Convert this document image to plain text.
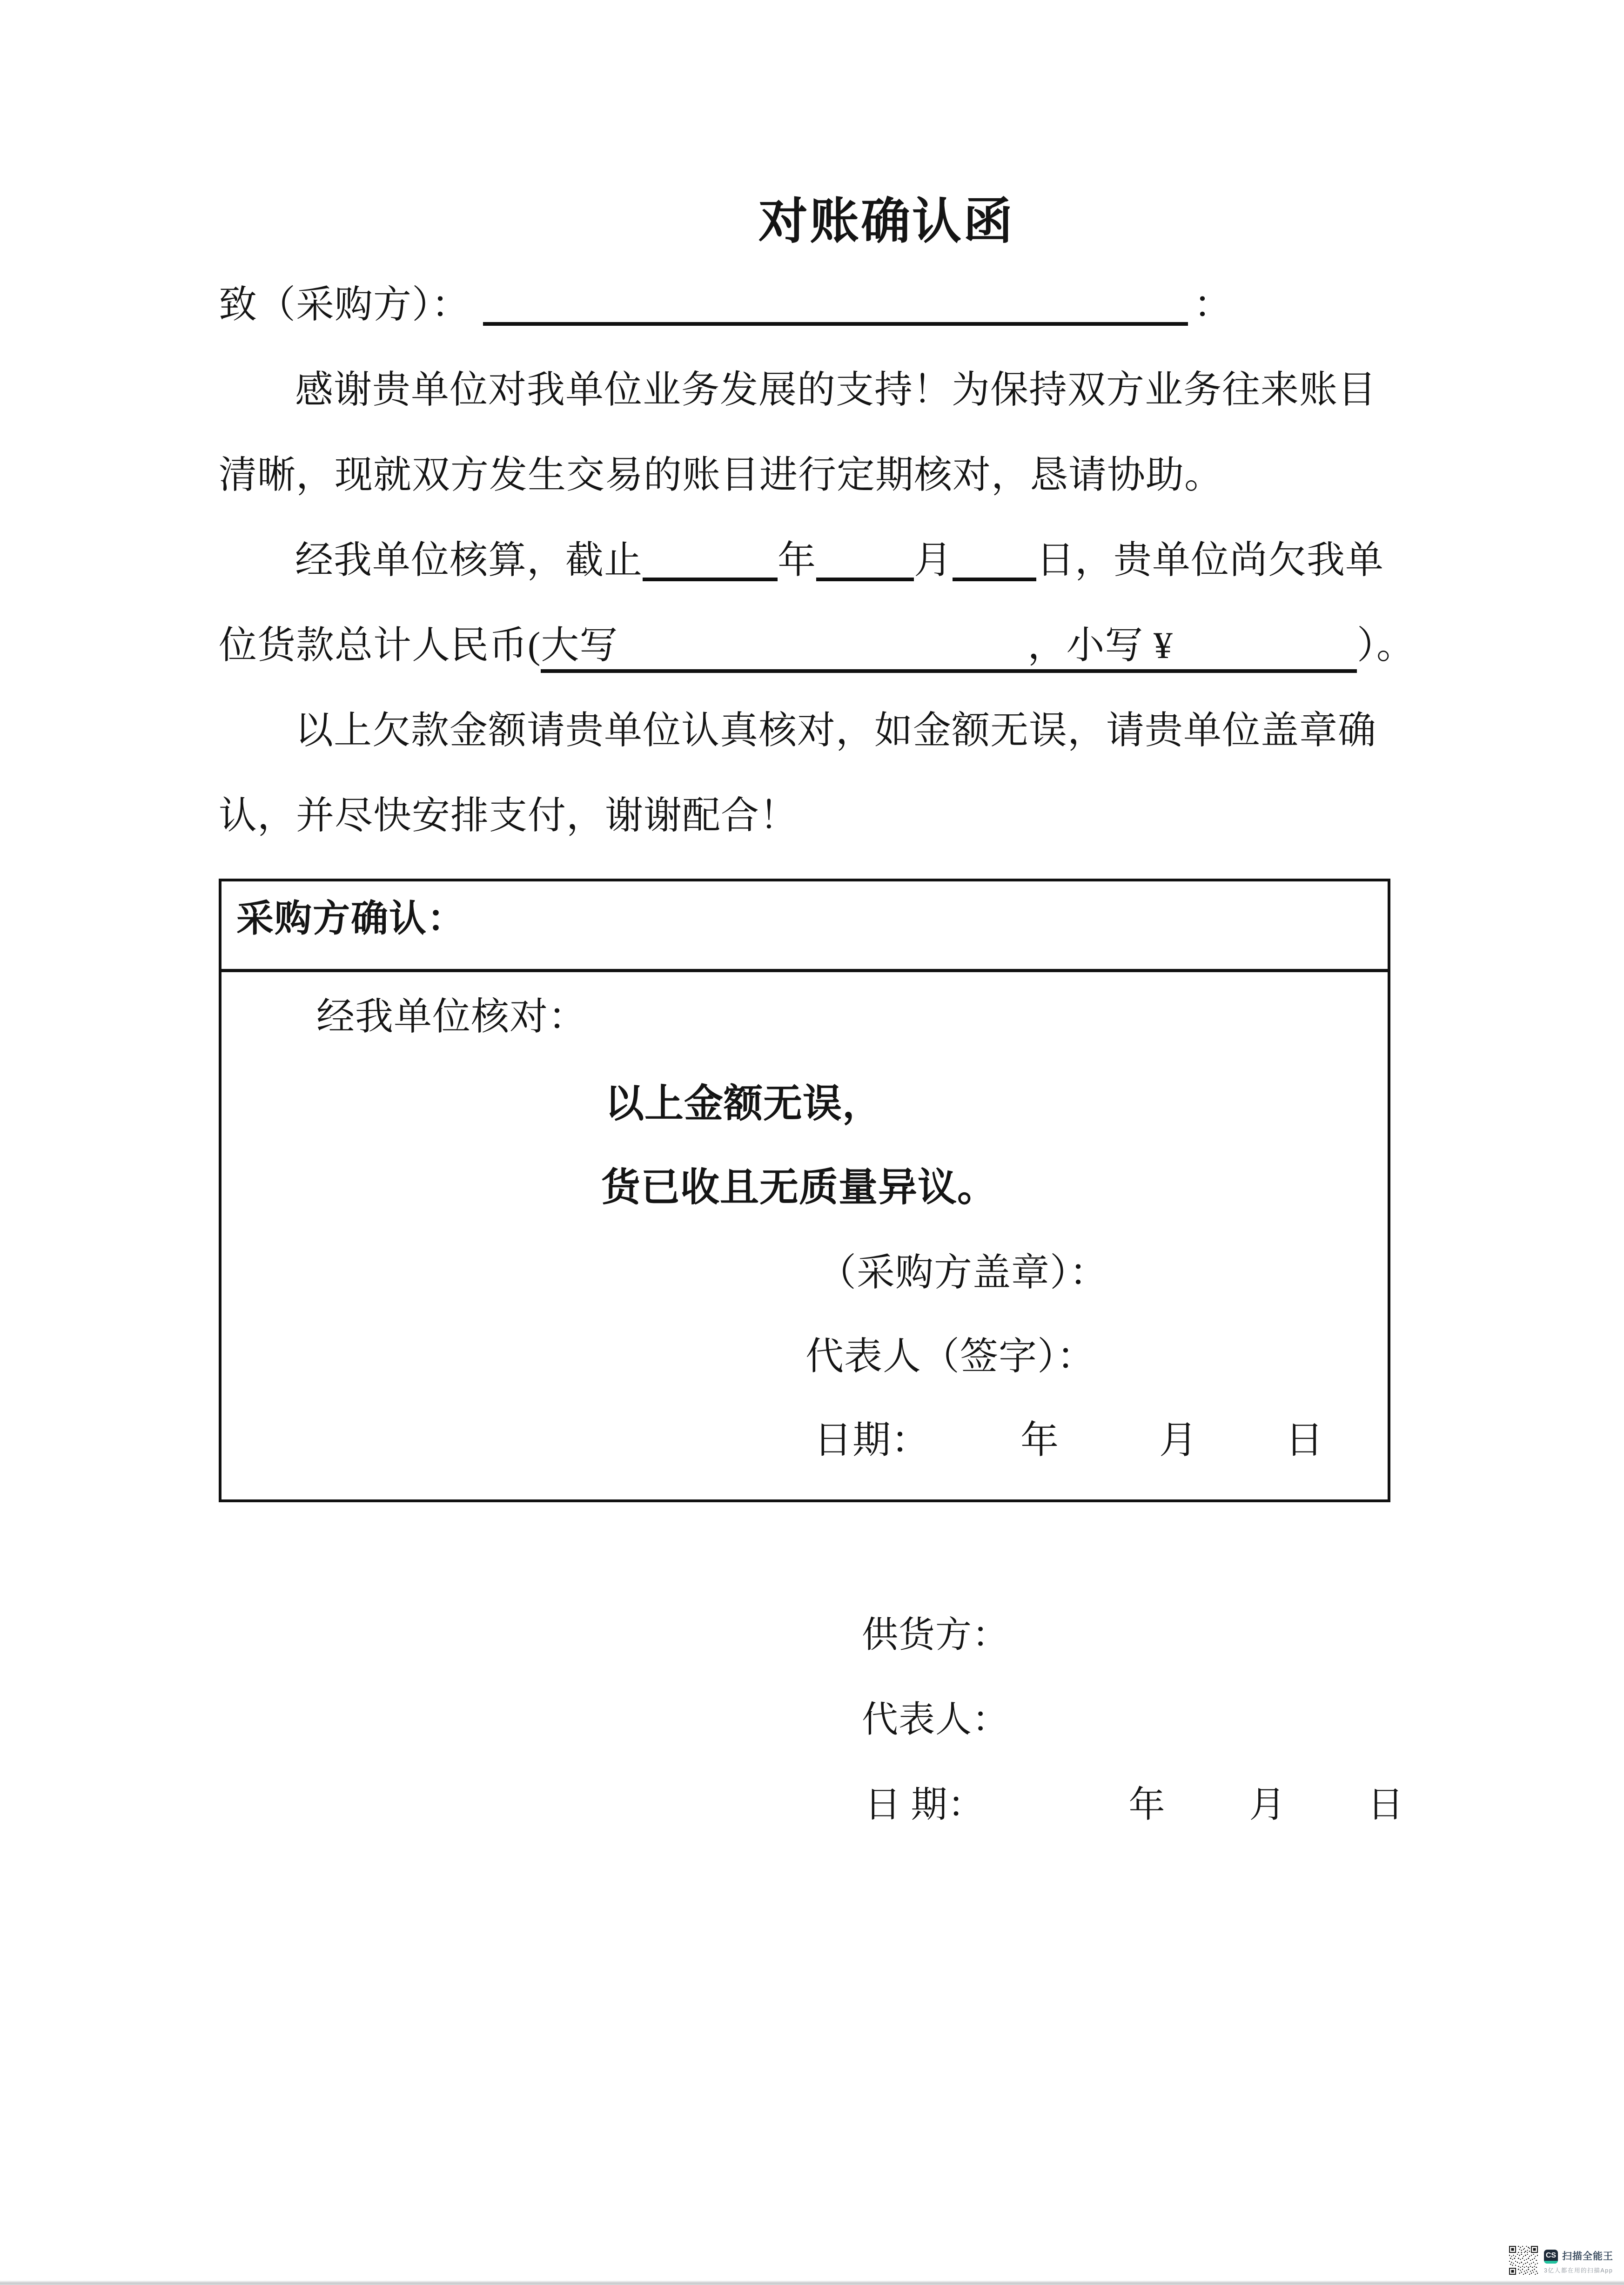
对账确认函
致（采购方）：	：
感谢贵单位对我单位业务发展的支持！为保持双方业务往来账目
清晰，现就双方发生交易的账目进行定期核对，恳请协助。
经我单位核算，截止	年	月 日，贵单位尚欠我单
位货款总计人民币(大写	，小写 ¥	）。
以上欠款金额请贵单位认真核对，如金额无误，请贵单位盖章确
认，并尽快安排支付，谢谢配合！
采购方确认：
经我单位核对：
以上金额无误，
货已收且无质量异议。
（采购方盖章）：
代表人（签字）：
日期： 年	月 日
供货方：
代表人：
日 期：	年 月 日
CS 扫描全能王
3亿人都在用的扫描App
